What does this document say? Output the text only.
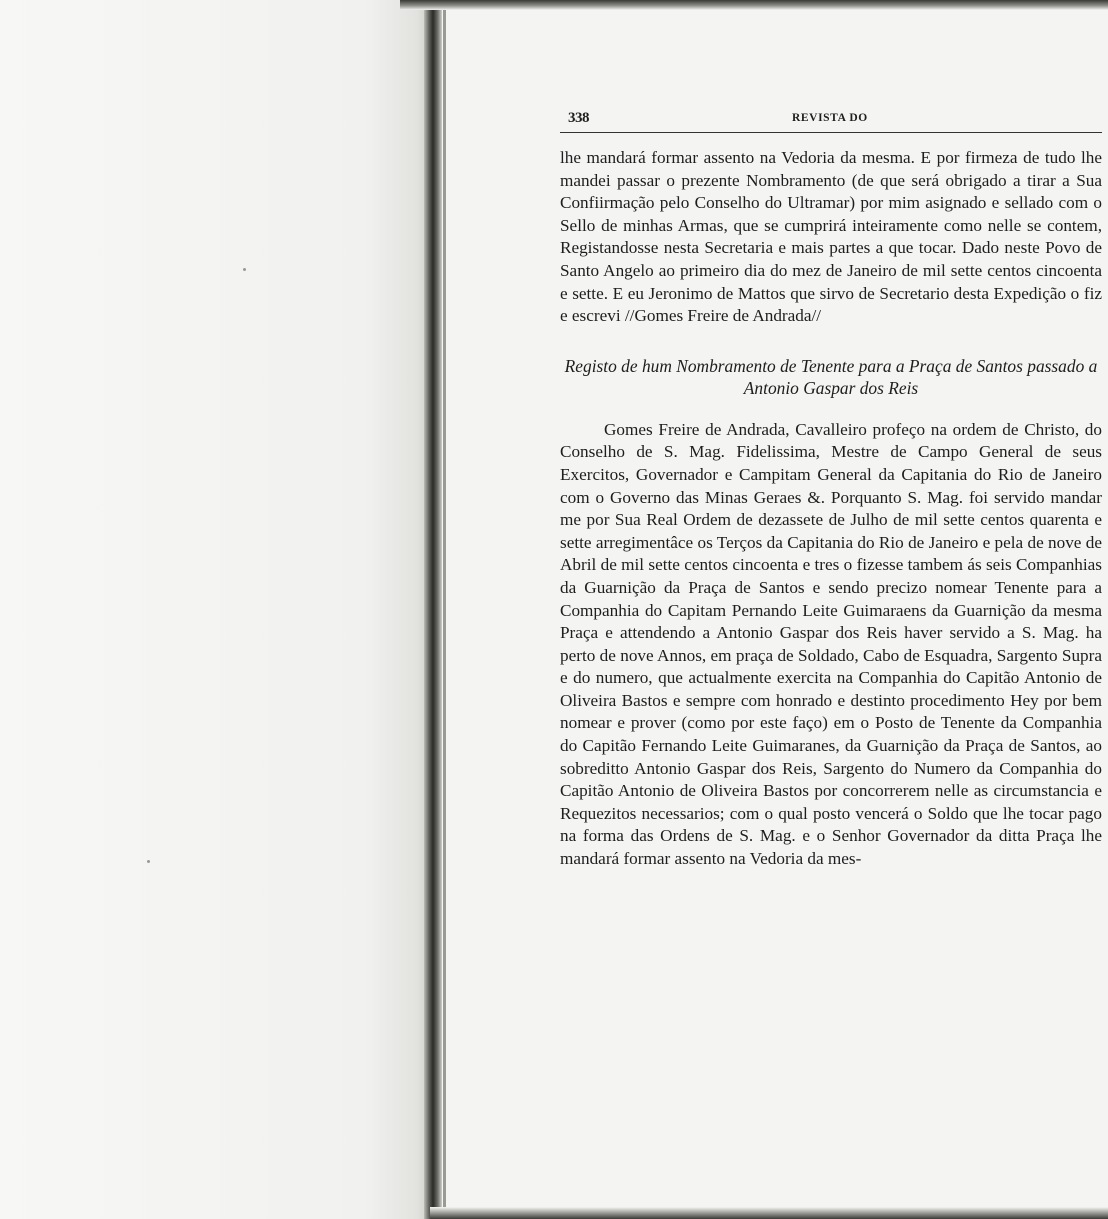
338	REVISTA DO

lhe mandará formar assento na Vedoria da mesma. E por firmeza de tudo lhe mandei passar o prezente Nombramento (de que será obrigado a tirar a Sua Confiirmação pelo Conselho do Ultramar) por mim asignado e sellado com o Sello de minhas Armas, que se cumprirá inteiramente como nelle se contem, Registandosse nesta Secretaria e mais partes a que tocar. Dado neste Povo de Santo Angelo ao primeiro dia do mez de Janeiro de mil sette centos cincoenta e sette. E eu Jeronimo de Mattos que sirvo de Secretario desta Expedição o fiz e escrevi //Gomes Freire de Andrada//

Registo de hum Nombramento de Tenente para a Praça de Santos passado a Antonio Gaspar dos Reis

Gomes Freire de Andrada, Cavalleiro profeço na ordem de Christo, do Conselho de S. Mag. Fidelissima, Mestre de Campo General de seus Exercitos, Governador e Campitam General da Capitania do Rio de Janeiro com o Governo das Minas Geraes &. Porquanto S. Mag. foi servido mandar me por Sua Real Ordem de dezassete de Julho de mil sette centos quarenta e sette arregimentâce os Terços da Capitania do Rio de Janeiro e pela de nove de Abril de mil sette centos cincoenta e tres o fizesse tambem ás seis Companhias da Guarnição da Praça de Santos e sendo precizo nomear Tenente para a Companhia do Capitam Pernando Leite Guimaraens da Guarnição da mesma Praça e attendendo a Antonio Gaspar dos Reis haver servido a S. Mag. ha perto de nove Annos, em praça de Soldado, Cabo de Esquadra, Sargento Supra e do numero, que actualmente exercita na Companhia do Capitão Antonio de Oliveira Bastos e sempre com honrado e destinto procedimento Hey por bem nomear e prover (como por este faço) em o Posto de Tenente da Companhia do Capitão Fernando Leite Guimaranes, da Guarnição da Praça de Santos, ao sobreditto Antonio Gaspar dos Reis, Sargento do Numero da Companhia do Capitão Antonio de Oliveira Bastos por concorrerem nelle as circumstancia e Requezitos necessarios; com o qual posto vencerá o Soldo que lhe tocar pago na forma das Ordens de S. Mag. e o Senhor Governador da ditta Praça lhe mandará formar assento na Vedoria da mes-
